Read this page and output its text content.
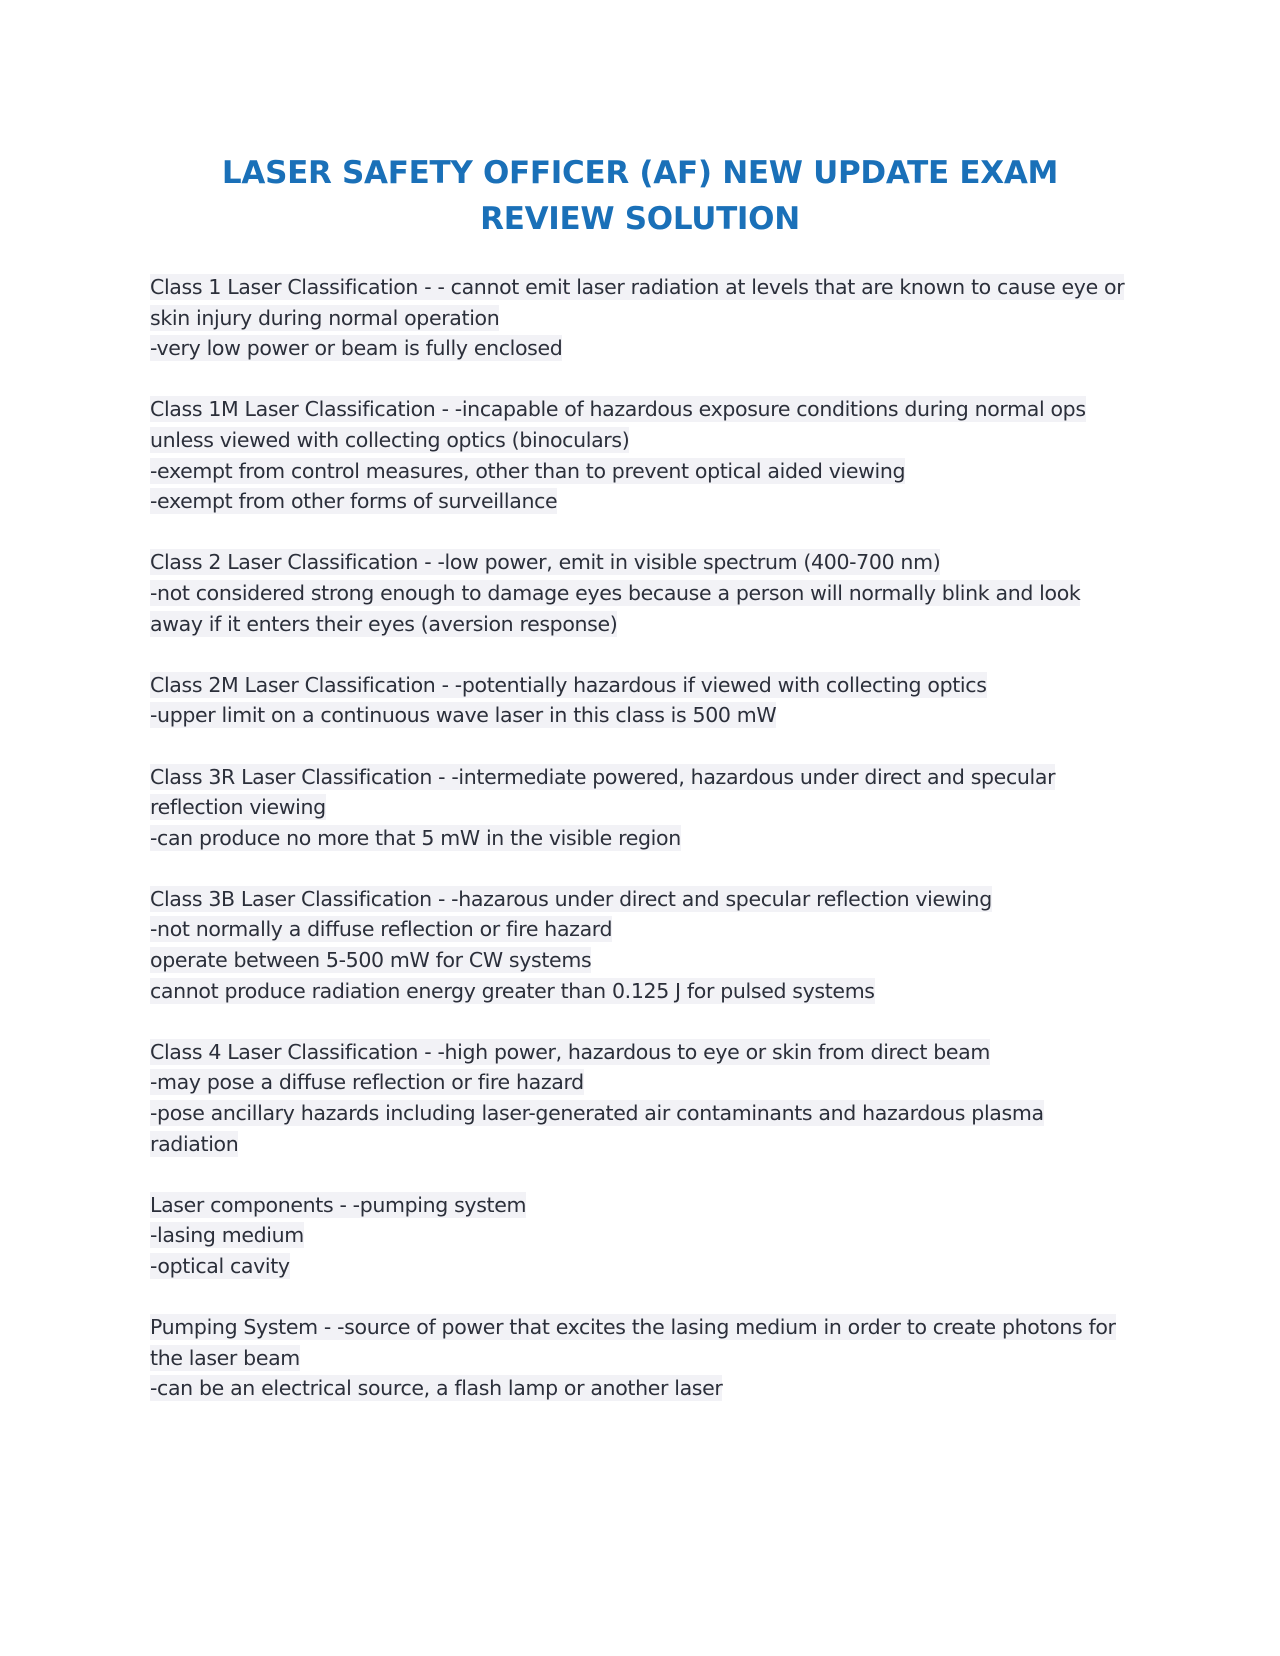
LASER SAFETY OFFICER (AF) NEW UPDATE EXAM REVIEW SOLUTION
Class 1 Laser Classification - - cannot emit laser radiation at levels that are known to cause eye or skin injury during normal operation
-very low power or beam is fully enclosed
Class 1M Laser Classification - -incapable of hazardous exposure conditions during normal ops unless viewed with collecting optics (binoculars)
-exempt from control measures, other than to prevent optical aided viewing
-exempt from other forms of surveillance
Class 2 Laser Classification - -low power, emit in visible spectrum (400-700 nm)
-not considered strong enough to damage eyes because a person will normally blink and look away if it enters their eyes (aversion response)
Class 2M Laser Classification - -potentially hazardous if viewed with collecting optics
-upper limit on a continuous wave laser in this class is 500 mW
Class 3R Laser Classification - -intermediate powered, hazardous under direct and specular reflection viewing
-can produce no more that 5 mW in the visible region
Class 3B Laser Classification - -hazarous under direct and specular reflection viewing
-not normally a diffuse reflection or fire hazard
operate between 5-500 mW for CW systems
cannot produce radiation energy greater than 0.125 J for pulsed systems
Class 4 Laser Classification - -high power, hazardous to eye or skin from direct beam
-may pose a diffuse reflection or fire hazard
-pose ancillary hazards including laser-generated air contaminants and hazardous plasma radiation
Laser components - -pumping system
-lasing medium
-optical cavity
Pumping System - -source of power that excites the lasing medium in order to create photons for the laser beam
-can be an electrical source, a flash lamp or another laser
